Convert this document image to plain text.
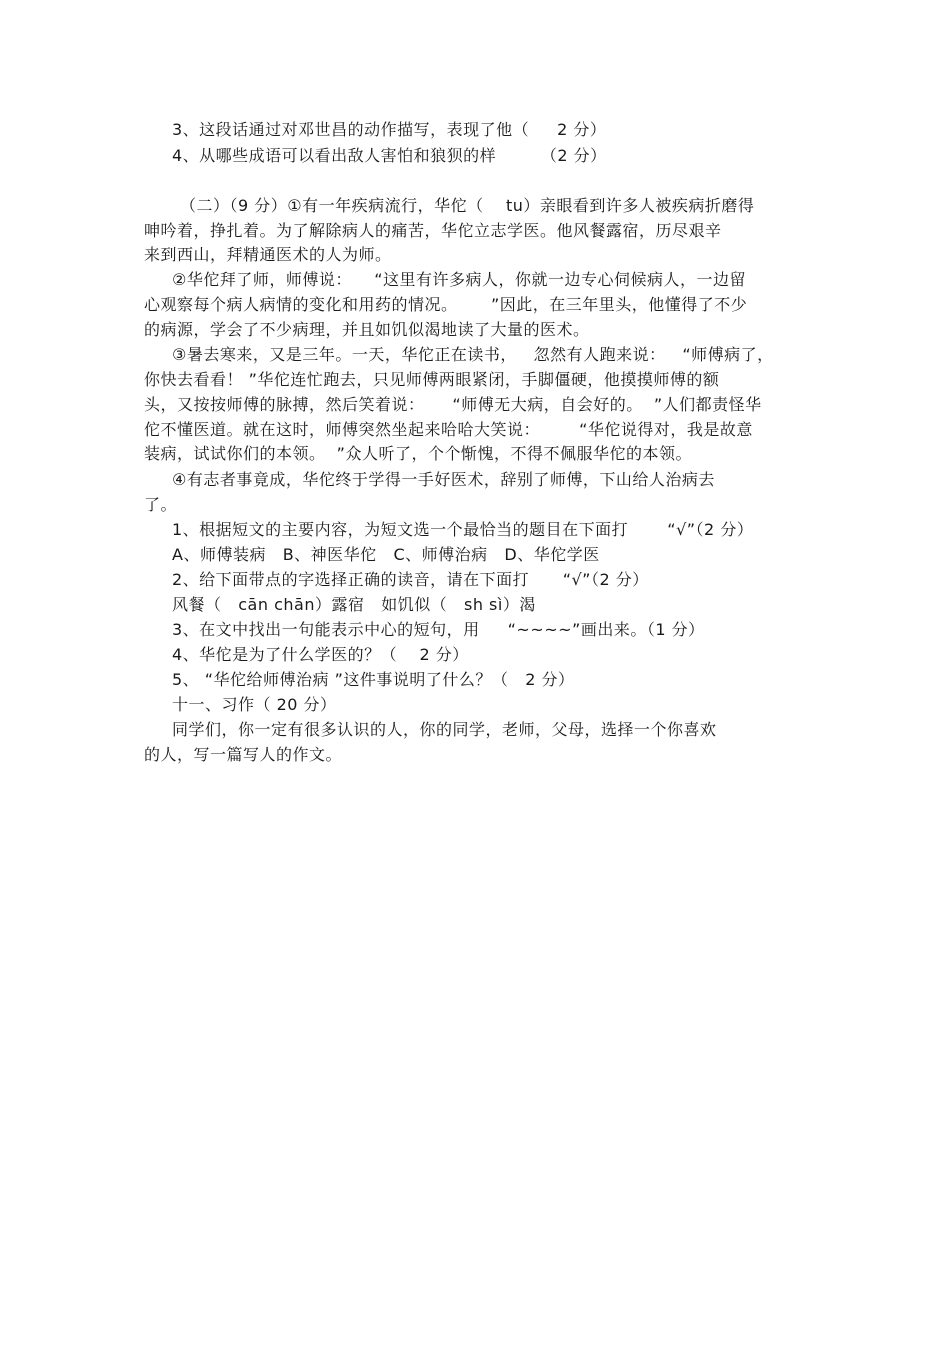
3、这段话通过对邓世昌的动作描写，表现了他（     2 分）
4、从哪些成语可以看出敌人害怕和狼狈的样        （2 分）
（二）（9 分）①有一年疾病流行，华佗（    tu）亲眼看到许多人被疾病折磨得
呻吟着，挣扎着。为了解除病人的痛苦，华佗立志学医。他风餐露宿，历尽艰辛
来到西山，拜精通医术的人为师。
②华佗拜了师，师傅说：    “这里有许多病人，你就一边专心伺候病人，一边留
心观察每个病人病情的变化和用药的情况。      ”因此，在三年里头，他懂得了不少
的病源，学会了不少病理，并且如饥似渴地读了大量的医术。
③暑去寒来，又是三年。一天，华佗正在读书，   忽然有人跑来说：   “师傅病了，
你快去看看！ ”华佗连忙跑去，只见师傅两眼紧闭，手脚僵硬，他摸摸师傅的额
头，又按按师傅的脉搏，然后笑着说：     “师傅无大病，自会好的。  ”人们都责怪华
佗不懂医道。就在这时，师傅突然坐起来哈哈大笑说：       “华佗说得对，我是故意
装病，试试你们的本领。  ”众人听了，个个惭愧，不得不佩服华佗的本领。
④有志者事竟成，华佗终于学得一手好医术，辞别了师傅，下山给人治病去
了。
1、根据短文的主要内容，为短文选一个最恰当的题目在下面打       “√”（2 分）
A、师傅装病   B、神医华佗   C、师傅治病   D、华佗学医
2、给下面带点的字选择正确的读音，请在下面打      “√”（2 分）
风餐（   cān chān）露宿   如饥似（   sh sì）渴
3、在文中找出一句能表示中心的短句，用     “~~~~”画出来。（1 分）
4、华佗是为了什么学医的？（    2 分）
5、 “华佗给师傅治病 ”这件事说明了什么？（   2 分）
十一、习作（ 20 分）
同学们，你一定有很多认识的人，你的同学，老师，父母，选择一个你喜欢
的人，写一篇写人的作文。
